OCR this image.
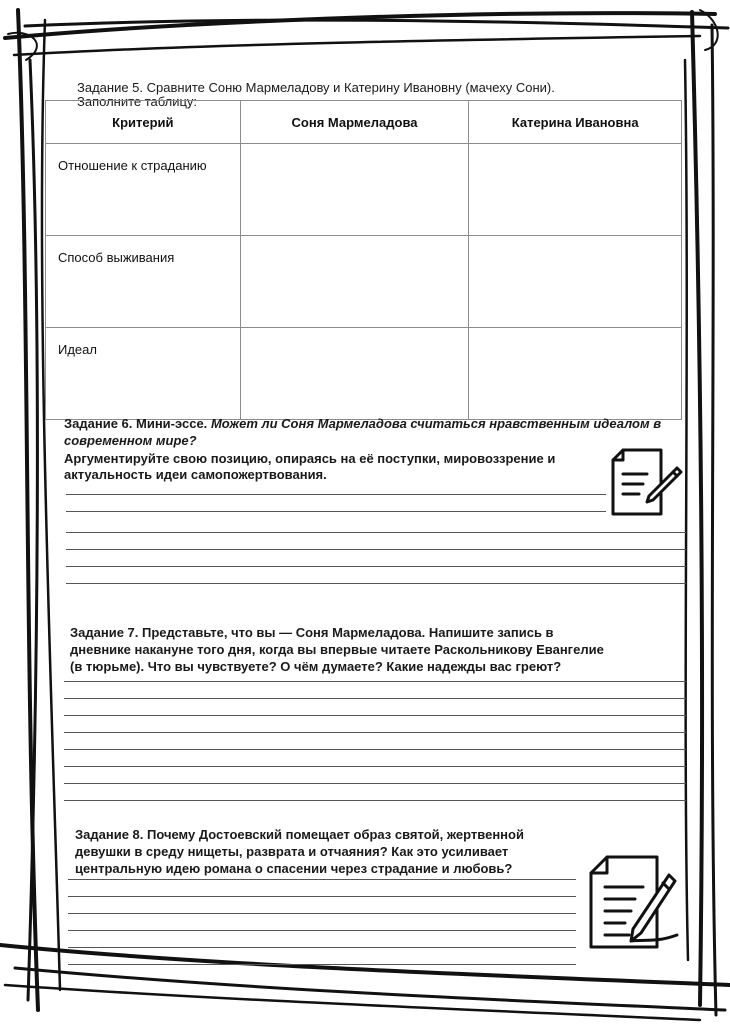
Задание 5. Сравните Соню Мармеладову и Катерину Ивановну (мачеху Сони).
Заполните таблицу:
Критерий	Соня Мармеладова	Катерина Ивановна
Отношение к страданию		
Способ выживания		
Идеал		
Задание 6. Мини-эссе. Может ли Соня Мармеладова считаться нравственным идеалом в современном мире?
Аргументируйте свою позицию, опираясь на её поступки, мировоззрение и
актуальность идеи самопожертвования.
Задание 7. Представьте, что вы — Соня Мармеладова. Напишите запись в
дневнике накануне того дня, когда вы впервые читаете Раскольникову Евангелие
(в тюрьме). Что вы чувствуете? О чём думаете? Какие надежды вас греют?
Задание 8. Почему Достоевский помещает образ святой, жертвенной
девушки в среду нищеты, разврата и отчаяния? Как это усиливает
центральную идею романа о спасении через страдание и любовь?
